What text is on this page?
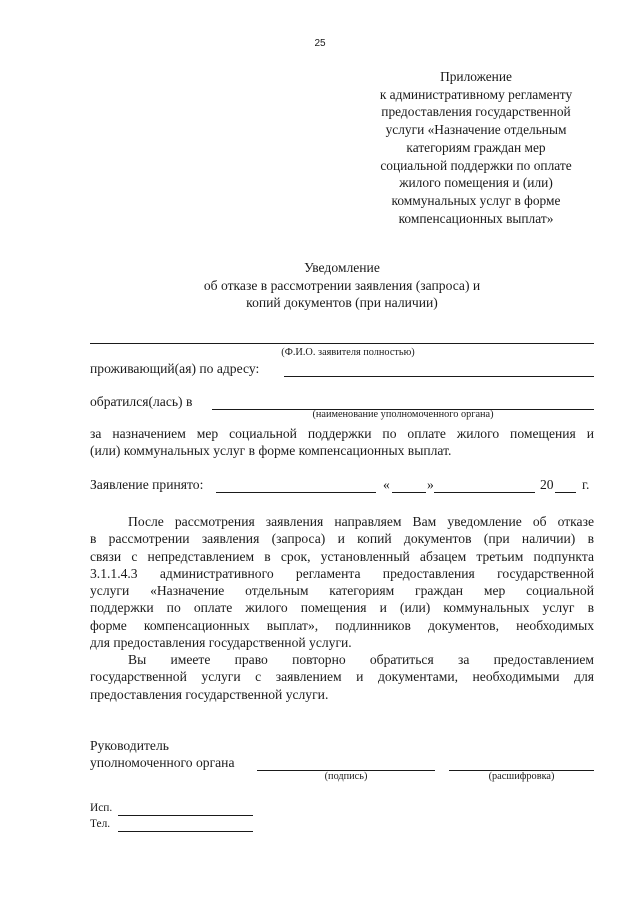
25
Приложение
к административному регламенту
предоставления государственной
услуги «Назначение отдельным
категориям граждан мер
социальной поддержки по оплате
жилого помещения и (или)
коммунальных услуг в форме
компенсационных выплат»
Уведомление
об отказе в рассмотрении заявления (запроса) и
копий документов (при наличии)
(Ф.И.О. заявителя полностью)
проживающий(ая) по адресу:
обратился(лась) в
(наименование уполномоченного органа)
за назначением мер социальной поддержки по оплате жилого помещения и
(или) коммунальных услуг в форме компенсационных выплат.
Заявление принято:	«	»	20 г.
После рассмотрения заявления направляем Вам уведомление об отказе
в рассмотрении заявления (запроса) и копий документов (при наличии) в
связи с непредставлением в срок, установленный абзацем третьим подпункта
3.1.1.4.3 административного регламента предоставления государственной
услуги «Назначение отдельным категориям граждан мер социальной
поддержки по оплате жилого помещения и (или) коммунальных услуг в
форме компенсационных выплат», подлинников документов, необходимых
для предоставления государственной услуги.
Вы имеете право повторно обратиться за предоставлением
государственной услуги с заявлением и документами, необходимыми для
предоставления государственной услуги.
Руководитель
уполномоченного органа
(подпись)	(расшифровка)
Исп.
Тел.
